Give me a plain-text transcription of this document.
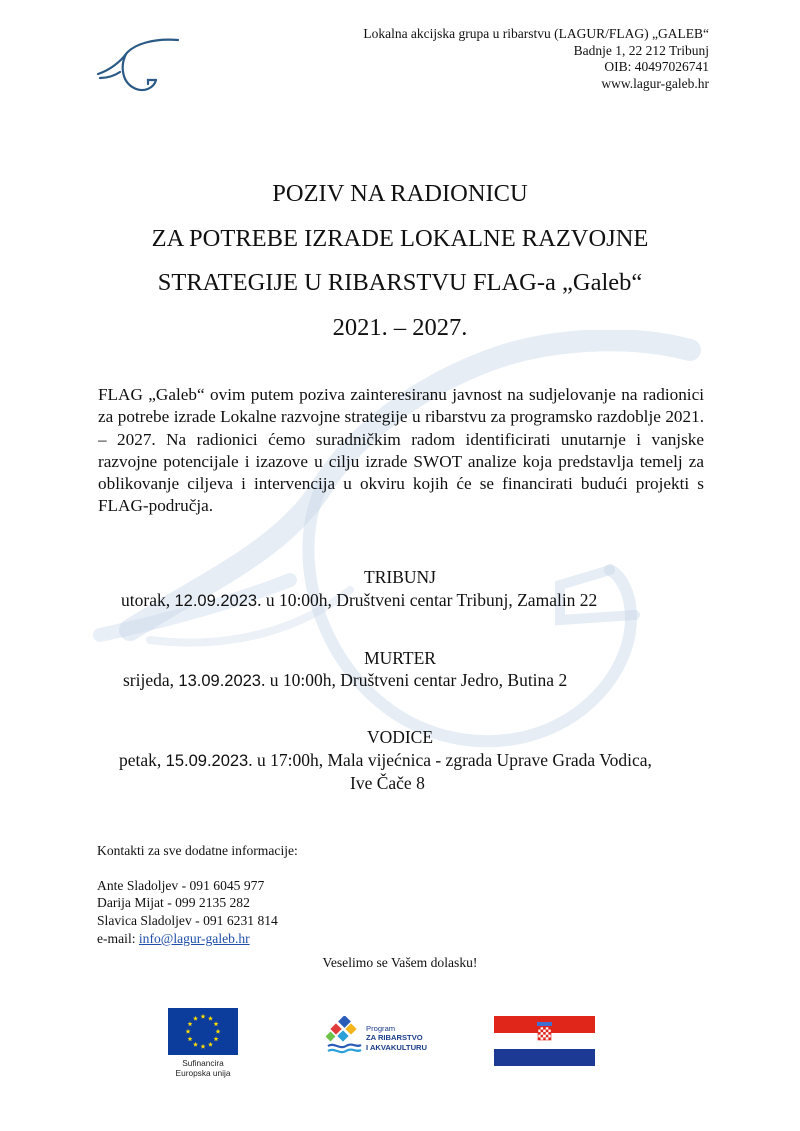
Lokalna akcijska grupa u ribarstvu (LAGUR/FLAG) „GALEB“
Badnje 1, 22 212 Tribunj
OIB: 40497026741
www.lagur-galeb.hr
POZIV NA RADIONICU
ZA POTREBE IZRADE LOKALNE RAZVOJNE
STRATEGIJE U RIBARSTVU FLAG-a „Galeb“
2021. – 2027.
FLAG „Galeb“ ovim putem poziva zainteresiranu javnost na sudjelovanje na radionici za potrebe izrade Lokalne razvojne strategije u ribarstvu za programsko razdoblje 2021. – 2027. Na radionici ćemo suradničkim radom identificirati unutarnje i vanjske razvojne potencijale i izazove u cilju izrade SWOT analize koja predstavlja temelj za oblikovanje ciljeva i intervencija u okviru kojih će se financirati budući projekti s FLAG-područja.
TRIBUNJ
utorak, 12.09.2023. u 10:00h, Društveni centar Tribunj, Zamalin 22
MURTER
srijeda, 13.09.2023. u 10:00h, Društveni centar Jedro, Butina 2
VODICE
petak, 15.09.2023. u 17:00h, Mala vijećnica - zgrada Uprave Grada Vodica,
Ive Čače 8
Kontakti za sve dodatne informacije:
Ante Sladoljev - 091 6045 977
Darija Mijat - 099 2135 282
Slavica Sladoljev - 091 6231 814
e-mail: info@lagur-galeb.hr
Veselimo se Vašem dolasku!
Sufinancira
Europska unija
Program
ZA RIBARSTVO
I AKVAKULTURU
